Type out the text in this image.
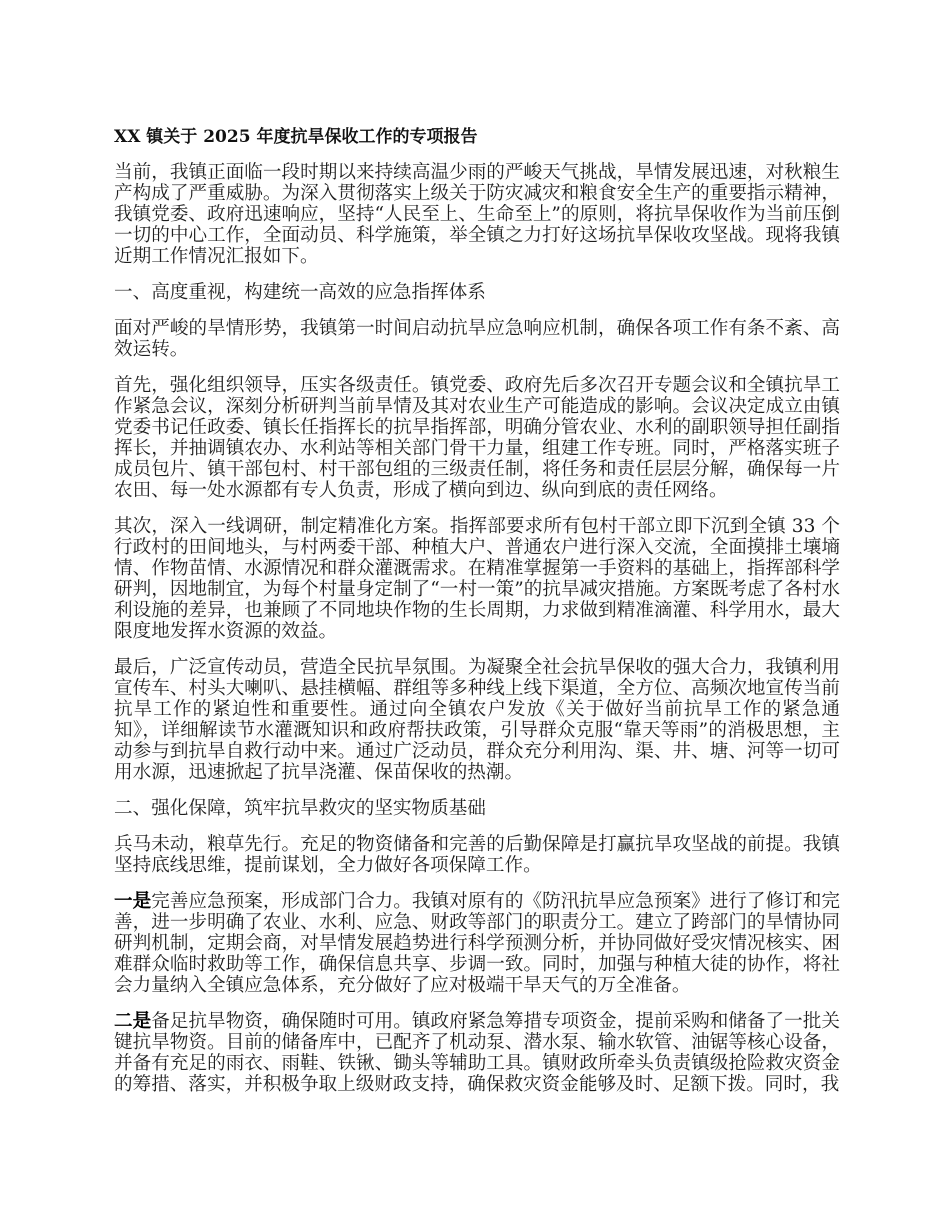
XX 镇关于 2025 年度抗旱保收工作的专项报告

当前，我镇正面临一段时期以来持续高温少雨的严峻天气挑战，旱情发展迅速，对秋粮生产构成了严重威胁。为深入贯彻落实上级关于防灾减灾和粮食安全生产的重要指示精神，我镇党委、政府迅速响应，坚持“人民至上、生命至上”的原则，将抗旱保收作为当前压倒一切的中心工作，全面动员、科学施策，举全镇之力打好这场抗旱保收攻坚战。现将我镇近期工作情况汇报如下。

一、高度重视，构建统一高效的应急指挥体系

面对严峻的旱情形势，我镇第一时间启动抗旱应急响应机制，确保各项工作有条不紊、高效运转。

首先，强化组织领导，压实各级责任。镇党委、政府先后多次召开专题会议和全镇抗旱工作紧急会议，深刻分析研判当前旱情及其对农业生产可能造成的影响。会议决定成立由镇党委书记任政委、镇长任指挥长的抗旱指挥部，明确分管农业、水利的副职领导担任副指挥长，并抽调镇农办、水利站等相关部门骨干力量，组建工作专班。同时，严格落实班子成员包片、镇干部包村、村干部包组的三级责任制，将任务和责任层层分解，确保每一片农田、每一处水源都有专人负责，形成了横向到边、纵向到底的责任网络。

其次，深入一线调研，制定精准化方案。指挥部要求所有包村干部立即下沉到全镇 33 个行政村的田间地头，与村两委干部、种植大户、普通农户进行深入交流，全面摸排土壤墒情、作物苗情、水源情况和群众灌溉需求。在精准掌握第一手资料的基础上，指挥部科学研判，因地制宜，为每个村量身定制了“一村一策”的抗旱减灾措施。方案既考虑了各村水利设施的差异，也兼顾了不同地块作物的生长周期，力求做到精准滴灌、科学用水，最大限度地发挥水资源的效益。

最后，广泛宣传动员，营造全民抗旱氛围。为凝聚全社会抗旱保收的强大合力，我镇利用宣传车、村头大喇叭、悬挂横幅、群组等多种线上线下渠道，全方位、高频次地宣传当前抗旱工作的紧迫性和重要性。通过向全镇农户发放《关于做好当前抗旱工作的紧急通知》，详细解读节水灌溉知识和政府帮扶政策，引导群众克服“靠天等雨”的消极思想，主动参与到抗旱自救行动中来。通过广泛动员，群众充分利用沟、渠、井、塘、河等一切可用水源，迅速掀起了抗旱浇灌、保苗保收的热潮。

二、强化保障，筑牢抗旱救灾的坚实物质基础

兵马未动，粮草先行。充足的物资储备和完善的后勤保障是打赢抗旱攻坚战的前提。我镇坚持底线思维，提前谋划，全力做好各项保障工作。

一是完善应急预案，形成部门合力。我镇对原有的《防汛抗旱应急预案》进行了修订和完善，进一步明确了农业、水利、应急、财政等部门的职责分工。建立了跨部门的旱情协同研判机制，定期会商，对旱情发展趋势进行科学预测分析，并协同做好受灾情况核实、困难群众临时救助等工作，确保信息共享、步调一致。同时，加强与种植大徒的协作，将社会力量纳入全镇应急体系，充分做好了应对极端干旱天气的万全准备。

二是备足抗旱物资，确保随时可用。镇政府紧急筹措专项资金，提前采购和储备了一批关键抗旱物资。目前的储备库中，已配齐了机动泵、潜水泵、输水软管、油锯等核心设备，并备有充足的雨衣、雨鞋、铁锹、锄头等辅助工具。镇财政所牵头负责镇级抢险救灾资金的筹措、落实，并积极争取上级财政支持，确保救灾资金能够及时、足额下拨。同时，我
